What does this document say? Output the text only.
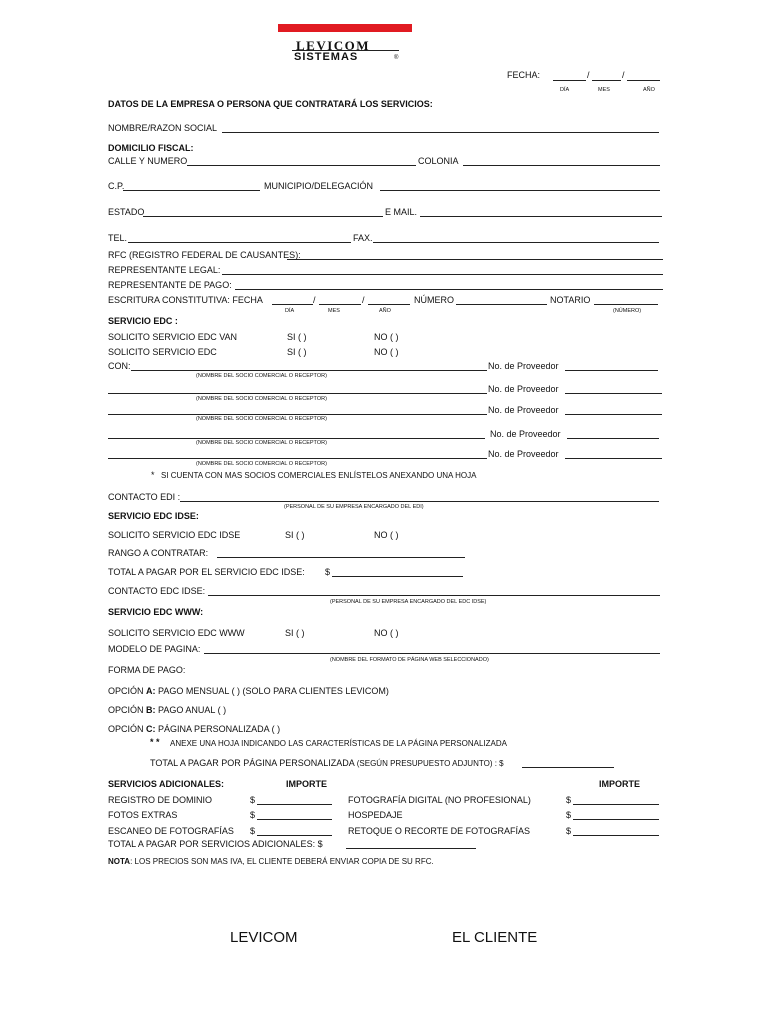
LEVICOM
SISTEMAS	®
FECHA:	/	/
DÍA	MES	AÑO
DATOS DE LA EMPRESA O PERSONA QUE CONTRATARÁ LOS SERVICIOS:
NOMBRE/RAZON SOCIAL
DOMICILIO FISCAL:
CALLE Y NUMERO	COLONIA
C.P.	MUNICIPIO/DELEGACIÓN
ESTADO	E MAIL.
TEL.	FAX.
RFC (REGISTRO FEDERAL DE CAUSANTES):
REPRESENTANTE LEGAL:
REPRESENTANTE DE PAGO:
ESCRITURA CONSTITUTIVA: FECHA	/	/	NÚMERO	NOTARIO
DÍA	MES	AÑO	(NÚMERO)
SERVICIO EDC :
SOLICITO SERVICIO EDC VAN	SI ( )	NO ( )
SOLICITO SERVICIO EDC	SI ( )	NO ( )
CON:	No. de Proveedor
(NOMBRE DEL SOCIO COMERCIAL O RECEPTOR)
No. de Proveedor
(NOMBRE DEL SOCIO COMERCIAL O RECEPTOR)
No. de Proveedor
(NOMBRE DEL SOCIO COMERCIAL O RECEPTOR)
No. de Proveedor
(NOMBRE DEL SOCIO COMERCIAL O RECEPTOR)
No. de Proveedor
(NOMBRE DEL SOCIO COMERCIAL O RECEPTOR)
* SI CUENTA CON MAS SOCIOS COMERCIALES ENLÍSTELOS ANEXANDO UNA HOJA
CONTACTO EDI :
(PERSONAL DE SU EMPRESA ENCARGADO DEL EDI)
SERVICIO EDC IDSE:
SOLICITO SERVICIO EDC IDSE	SI ( )	NO ( )
RANGO A CONTRATAR:
TOTAL A PAGAR POR EL SERVICIO EDC IDSE: $
CONTACTO EDC IDSE:
(PERSONAL DE SU EMPRESA ENCARGADO DEL EDC IDSE)
SERVICIO EDC WWW:
SOLICITO SERVICIO EDC WWW	SI ( )	NO ( )
MODELO DE PAGINA:
(NOMBRE DEL FORMATO DE PÁGINA WEB SELECCIONADO)
FORMA DE PAGO:
OPCIÓN A: PAGO MENSUAL ( ) (SOLO PARA CLIENTES LEVICOM)
OPCIÓN B: PAGO ANUAL ( )
OPCIÓN C: PÁGINA PERSONALIZADA ( )
* * ANEXE UNA HOJA INDICANDO LAS CARACTERÍSTICAS DE LA PÁGINA PERSONALIZADA
TOTAL A PAGAR POR PÁGINA PERSONALIZADA (SEGÚN PRESUPUESTO ADJUNTO) : $
SERVICIOS ADICIONALES:	IMPORTE	IMPORTE
REGISTRO DE DOMINIO	$	FOTOGRAFÍA DIGITAL (NO PROFESIONAL)	$
FOTOS EXTRAS	$	HOSPEDAJE	$
ESCANEO DE FOTOGRAFÍAS $	RETOQUE O RECORTE DE FOTOGRAFÍAS	$
TOTAL A PAGAR POR SERVICIOS ADICIONALES: $
NOTA: LOS PRECIOS SON MAS IVA, EL CLIENTE DEBERÁ ENVIAR COPIA DE SU RFC.
LEVICOM	EL CLIENTE
